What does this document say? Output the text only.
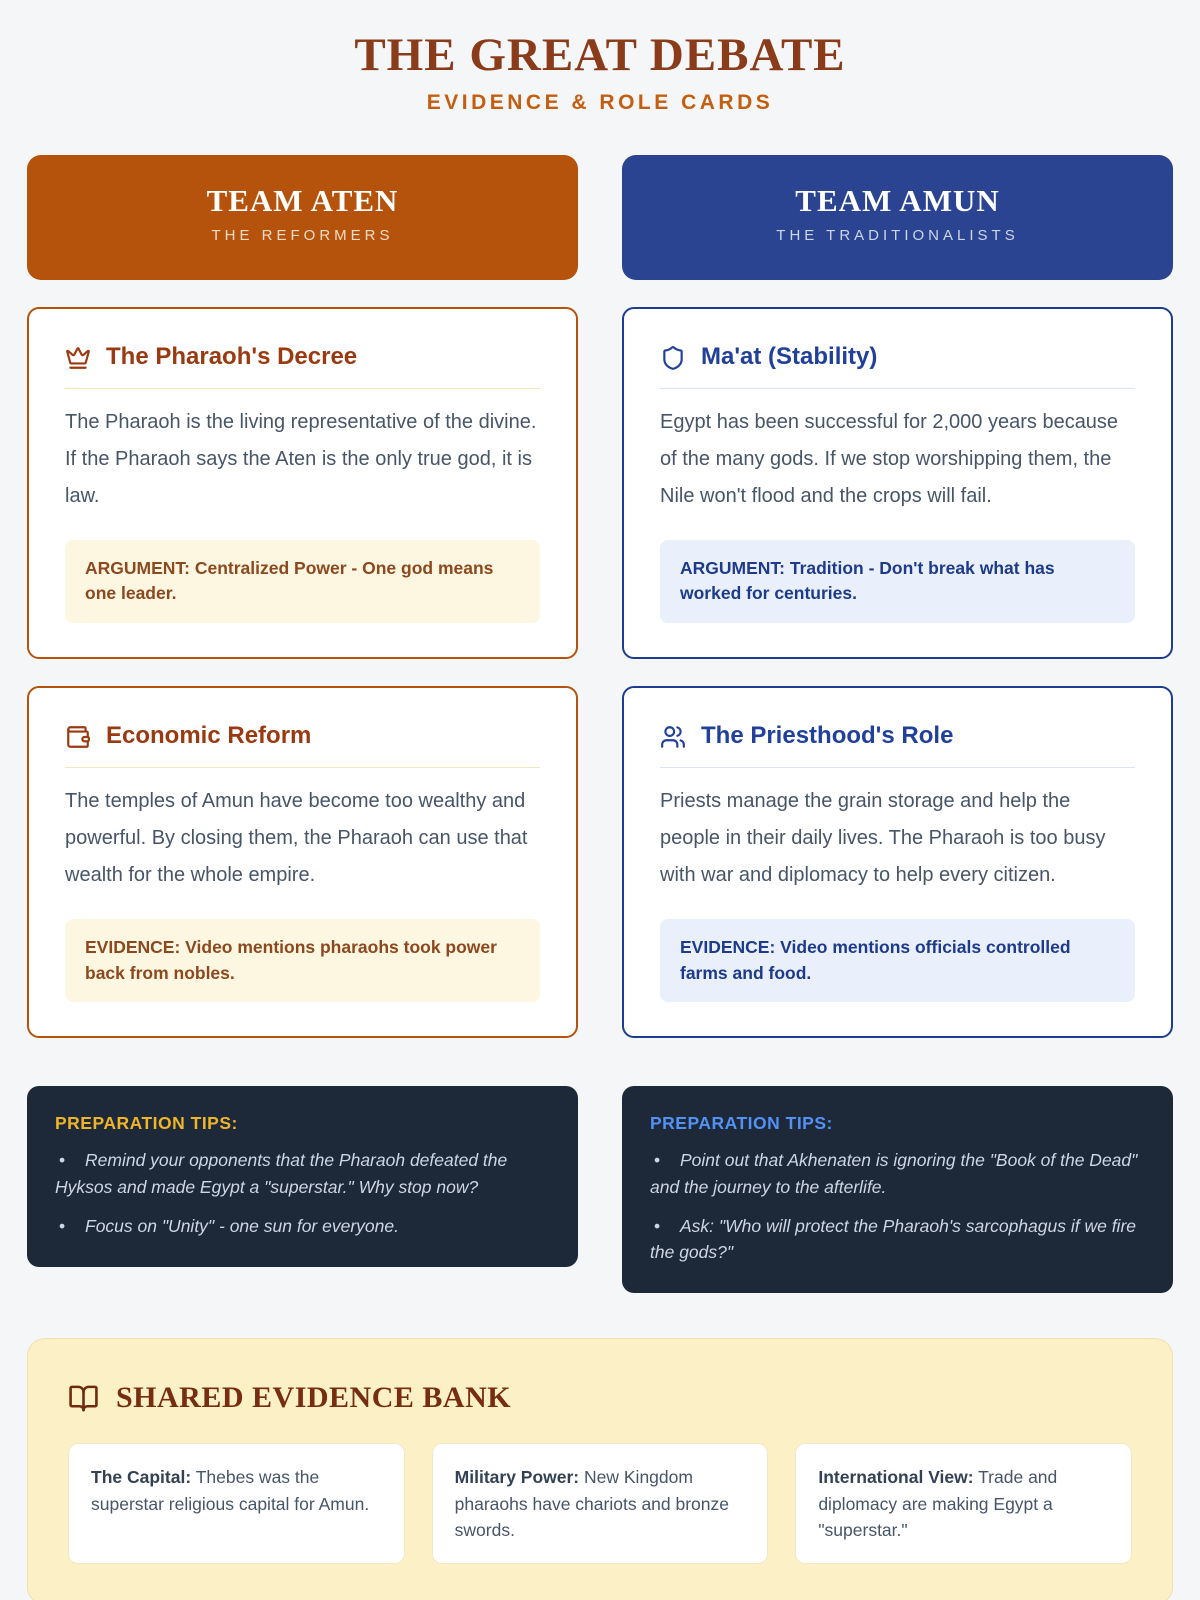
THE GREAT DEBATE
EVIDENCE & ROLE CARDS
TEAM ATEN
THE REFORMERS
The Pharaoh's Decree

The Pharaoh is the living representative of the divine. If the Pharaoh says the Aten is the only true god, it is law.

ARGUMENT: Centralized Power - One god means one leader.
Economic Reform

The temples of Amun have become too wealthy and powerful. By closing them, the Pharaoh can use that wealth for the whole empire.

EVIDENCE: Video mentions pharaohs took power back from nobles.
PREPARATION TIPS:
• Remind your opponents that the Pharaoh defeated the Hyksos and made Egypt a "superstar." Why stop now?
• Focus on "Unity" - one sun for everyone.
TEAM AMUN
THE TRADITIONALISTS
Ma'at (Stability)

Egypt has been successful for 2,000 years because of the many gods. If we stop worshipping them, the Nile won't flood and the crops will fail.

ARGUMENT: Tradition - Don't break what has worked for centuries.
The Priesthood's Role

Priests manage the grain storage and help the people in their daily lives. The Pharaoh is too busy with war and diplomacy to help every citizen.

EVIDENCE: Video mentions officials controlled farms and food.
PREPARATION TIPS:
• Point out that Akhenaten is ignoring the "Book of the Dead" and the journey to the afterlife.
• Ask: "Who will protect the Pharaoh's sarcophagus if we fire the gods?"
SHARED EVIDENCE BANK
The Capital: Thebes was the superstar religious capital for Amun.
Military Power: New Kingdom pharaohs have chariots and bronze swords.
International View: Trade and diplomacy are making Egypt a "superstar."
